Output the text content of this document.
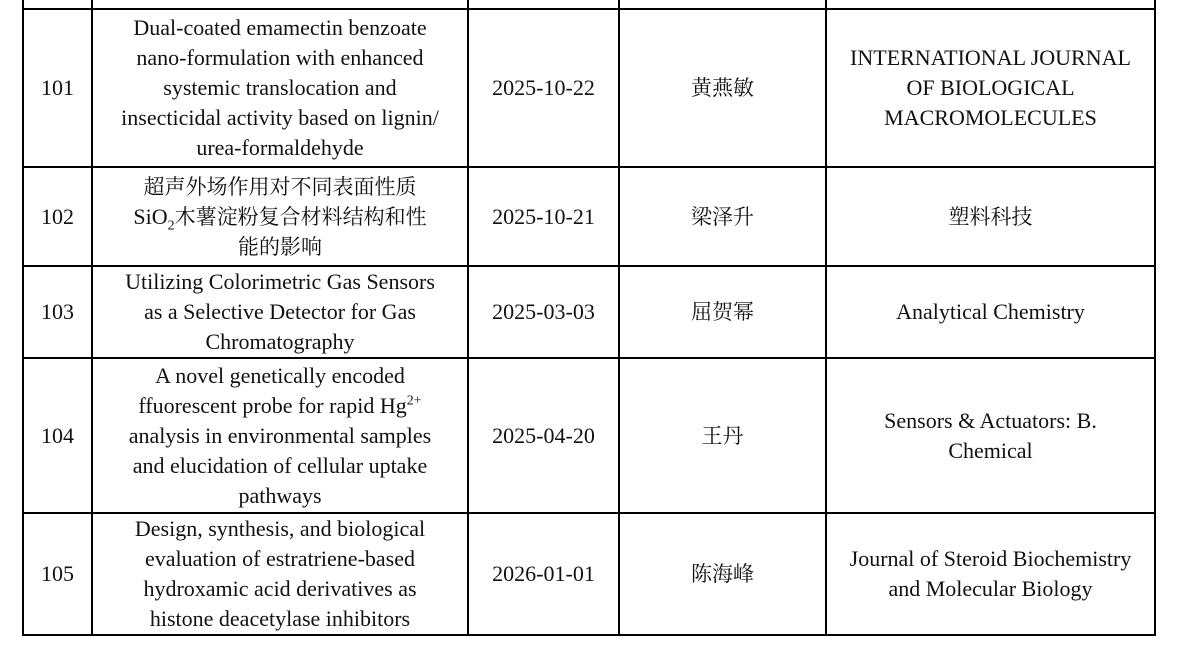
101	Dual-coated emamectin benzoate
nano-formulation with enhanced
systemic translocation and
insecticidal activity based on lignin/
urea-formaldehyde	2025-10-22	黄燕敏	INTERNATIONAL JOURNAL
OF BIOLOGICAL
MACROMOLECULES

102	超声外场作用对不同表面性质
SiO$_2$木薯淀粉复合材料结构和性
能的影响	2025-10-21	梁泽升	塑料科技
103	Utilizing Colorimetric Gas Sensors
as a Selective Detector for Gas
Chromatography	2025-03-03	屈贺幂	Analytical Chemistry
104	A novel genetically encoded
ffuorescent probe for rapid $Hg^{2+}$
analysis in environmental samples
and elucidation of cellular uptake
pathways	2025-04-20	王丹	Sensors & Actuators: B.
Chemical

105	Design, synthesis, and biological
evaluation of estratriene-based
hydroxamic acid derivatives as
histone deacetylase inhibitors	2026-01-01	陈海峰	Journal of Steroid Biochemistry
and Molecular Biology
